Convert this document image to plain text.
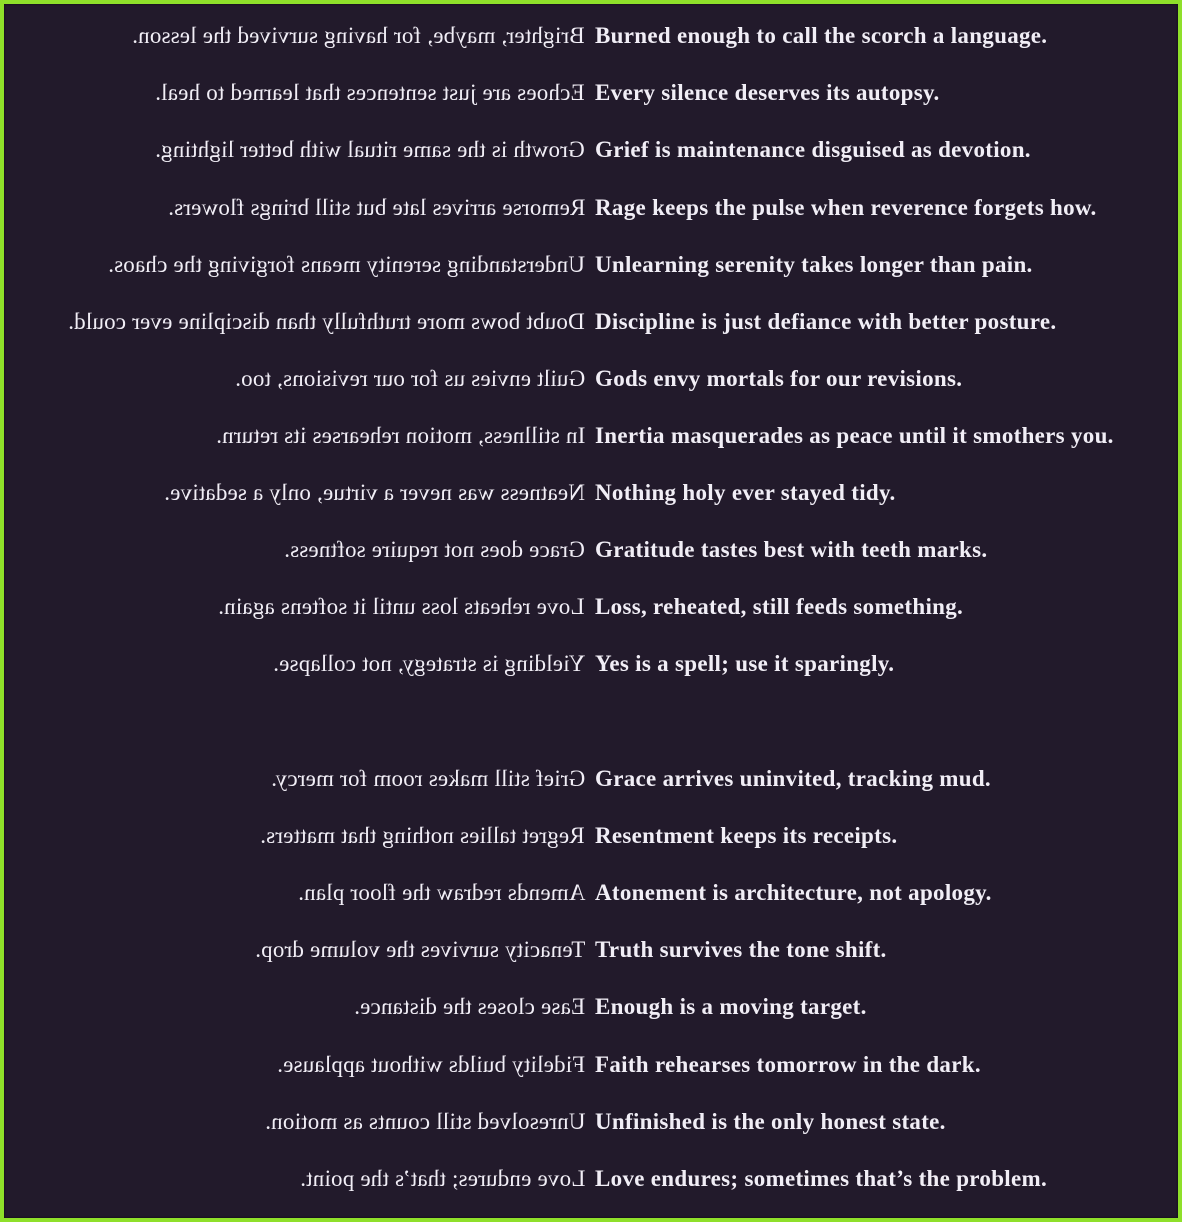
Brighter, maybe, for having survived the lesson. Burned enough to call the scorch a language.
Echoes are just sentences that learned to heal. Every silence deserves its autopsy.
Growth is the same ritual with better lighting. Grief is maintenance disguised as devotion.
Remorse arrives late but still brings flowers. Rage keeps the pulse when reverence forgets how.
Understanding serenity means forgiving the chaos. Unlearning serenity takes longer than pain.
Doubt bows more truthfully than discipline ever could. Discipline is just defiance with better posture.
Guilt envies us for our revisions, too. Gods envy mortals for our revisions.
In stillness, motion rehearses its return. Inertia masquerades as peace until it smothers you.
Neatness was never a virtue, only a sedative. Nothing holy ever stayed tidy.
Grace does not require softness. Gratitude tastes best with teeth marks.
Love reheats loss until it softens again. Loss, reheated, still feeds something.
Yielding is strategy, not collapse. Yes is a spell; use it sparingly.
Grief still makes room for mercy. Grace arrives uninvited, tracking mud.
Regret tallies nothing that matters. Resentment keeps its receipts.
Amends redraw the floor plan. Atonement is architecture, not apology.
Tenacity survives the volume drop. Truth survives the tone shift.
Ease closes the distance. Enough is a moving target.
Fidelity builds without applause. Faith rehearses tomorrow in the dark.
Unresolved still counts as motion. Unfinished is the only honest state.
Love endures; that’s the point. Love endures; sometimes that’s the problem.
